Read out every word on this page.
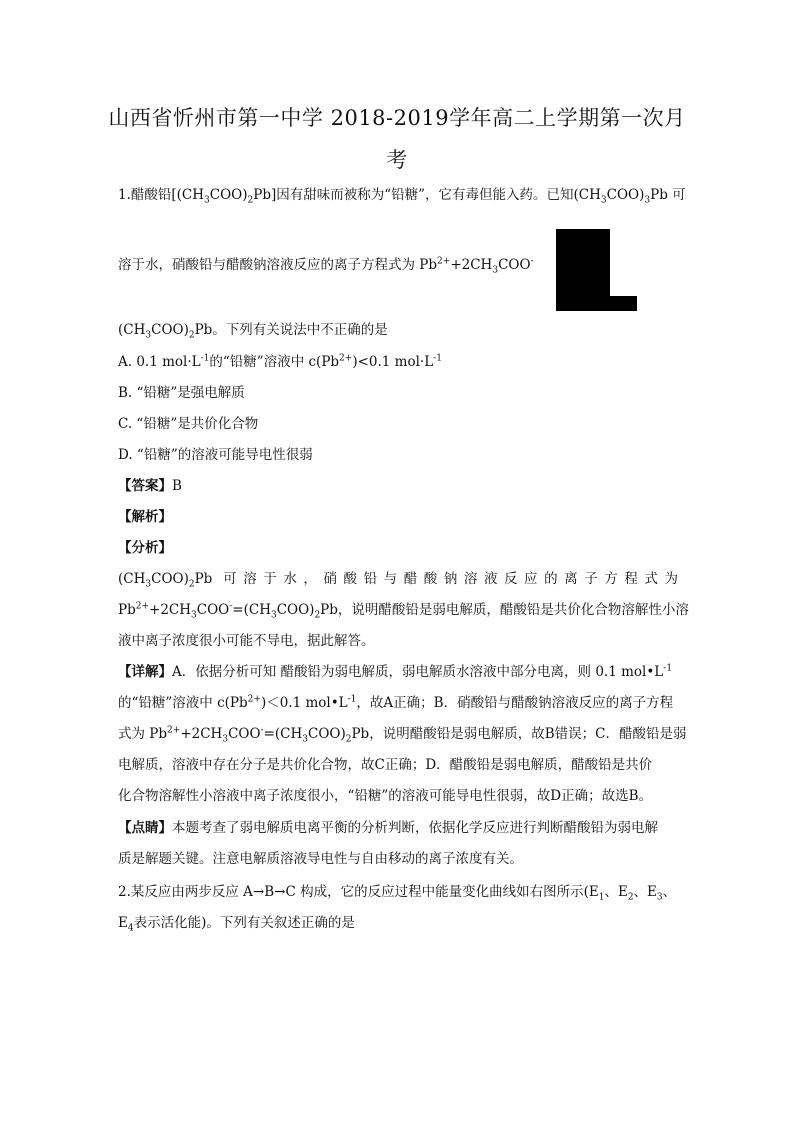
山西省忻州市第一中学 2018-2019学年高二上学期第一次月
考
1.醋酸铅$[(CH_3COO)_2Pb]$因有甜味而被称为“铅糖”，它有毒但能入药。已知$(CH_3COO)_3Pb$ 可
溶于水，硝酸铅与醋酸钠溶液反应的离子方程式为 $Pb^{2+}+2CH_3COO^-$
$(CH_3COO)_2Pb$。下列有关说法中不正确的是
A. 0.1 $mol\cdot L^{-1}$的“铅糖”溶液中 $c(Pb^{2+})<0.1$ $mol\cdot L^{-1}$
B. “铅糖”是强电解质
C. “铅糖”是共价化合物
D. “铅糖”的溶液可能导电性很弱
【答案】B
【解析】
【分析】
$(CH_3COO)_2Pb$ 可溶于水，硝酸铅与醋酸钠溶液反应的离子方程式为
$Pb^{2+}+2CH_3COO^-=(CH_3COO)_2Pb$，说明醋酸铅是弱电解质，醋酸铅是共价化合物溶解性小溶
液中离子浓度很小可能不导电，据此解答。
【详解】A．依据分析可知 醋酸铅为弱电解质，弱电解质水溶液中部分电离，则 0.1 $mol•L^{-1}$
的“铅糖”溶液中 $c(Pb^{2+})<0.1$ $mol•L^{-1}$，故A正确；B．硝酸铅与醋酸钠溶液反应的离子方程
式为 $Pb^{2+}+2CH_3COO^-=(CH_3COO)_2Pb$，说明醋酸铅是弱电解质，故B错误；C．醋酸铅是弱
电解质，溶液中存在分子是共价化合物，故C正确；D．醋酸铅是弱电解质，醋酸铅是共价
化合物溶解性小溶液中离子浓度很小，“铅糖”的溶液可能导电性很弱，故D正确；故选B。
【点睛】本题考查了弱电解质电离平衡的分析判断，依据化学反应进行判断醋酸铅为弱电解
质是解题关键。注意电解质溶液导电性与自由移动的离子浓度有关。
2.某反应由两步反应 A→B→C 构成，它的反应过程中能量变化曲线如右图所示($E_1$、$E_2$、$E_3$、
$E_4$表示活化能)。下列有关叙述正确的是
